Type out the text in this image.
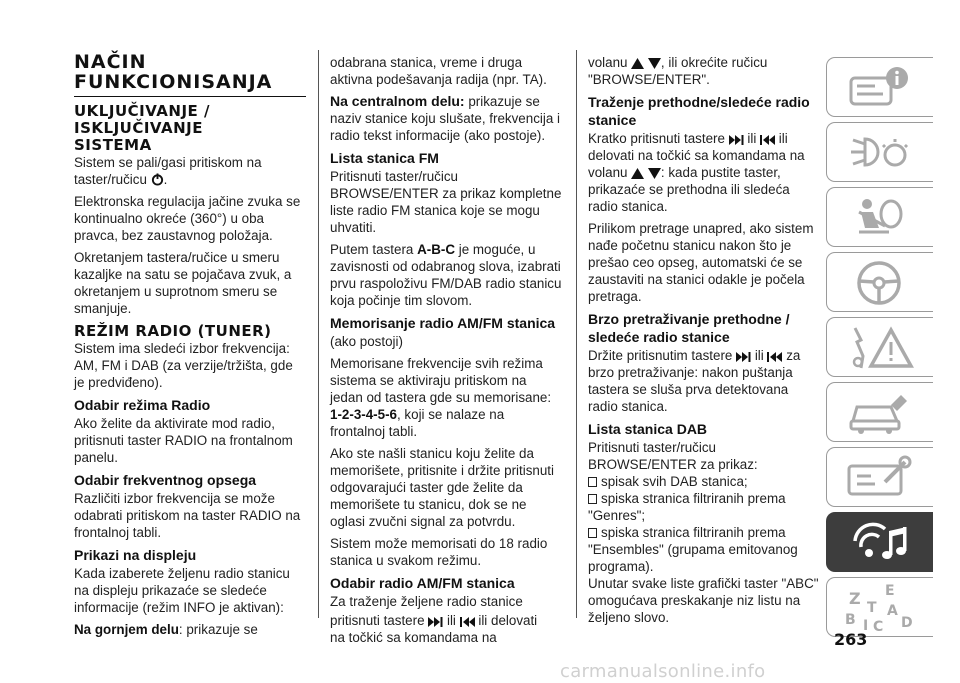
NAČIN
FUNKCIONISANJA
UKLJUČIVANJE /
ISKLJUČIVANJE
SISTEMA

Sistem se pali/gasi pritiskom na taster/ručicu .

Elektronska regulacija jačine zvuka se kontinualno okreće (360°) u oba pravca, bez zaustavnog položaja.

Okretanjem tastera/ručice u smeru kazaljke na satu se pojačava zvuk, a okretanjem u suprotnom smeru se smanjuje.

REŽIM RADIO (TUNER)

Sistem ima sledeći izbor frekvencija: AM, FM i DAB (za verzije/tržišta, gde je predviđeno).

Odabir režima Radio

Ako želite da aktivirate mod radio, pritisnuti taster RADIO na frontalnom panelu.

Odabir frekventnog opsega

Različiti izbor frekvencija se može odabrati pritiskom na taster RADIO na frontalnoj tabli.

Prikazi na displeju

Kada izaberete željenu radio stanicu na displeju prikazaće se sledeće informacije (režim INFO je aktivan):

Na gornjem delu: prikazuje se

odabrana stanica, vreme i druga aktivna podešavanja radija (npr. TA).

Na centralnom delu: prikazuje se naziv stanice koju slušate, frekvencija i radio tekst informacije (ako postoje).

Lista stanica FM

Pritisnuti taster/ručicu BROWSE/ENTER za prikaz kompletne liste radio FM stanica koje se mogu uhvatiti.

Putem tastera A-B-C je moguće, u zavisnosti od odabranog slova, izabrati prvu raspoloživu FM/DAB radio stanicu koja počinje tim slovom.

Memorisanje radio AM/FM stanica

(ako postoji)

Memorisane frekvencije svih režima sistema se aktiviraju pritiskom na jedan od tastera gde su memorisane: 1-2-3-4-5-6, koji se nalaze na frontalnoj tabli.

Ako ste našli stanicu koju želite da memorišete, pritisnite i držite pritisnuti odgovarajući taster gde želite da memorišete tu stanicu, dok se ne oglasi zvučni signal za potvrdu.

Sistem može memorisati do 18 radio stanica u svakom režimu.

Odabir radio AM/FM stanica

Za traženje željene radio stanice

pritisnuti tastere  ili  ili delovati

na točkić sa komandama na

volanu  , ili okrećite ručicu

"BROWSE/ENTER".

Traženje prethodne/sledeće radio
stanice

Kratko pritisnuti tastere  ili  ili

delovati na točkić sa komandama na

volanu  : kada pustite taster, prikazaće se prethodna ili sledeća radio stanica.

Prilikom pretrage unapred, ako sistem nađe početnu stanicu nakon što je prešao ceo opseg, automatski će se zaustaviti na stanici odakle je počela pretraga.

Brzo pretraživanje prethodne /
sledeće radio stanice

Držite pritisnutim tastere  ili  za

brzo pretraživanje: nakon puštanja tastera se sluša prva detektovana radio stanica.

Lista stanica DAB

Pritisnuti taster/ručicu BROWSE/ENTER za prikaz:

spisak svih DAB stanica;
spiska stranica filtriranih prema "Genres";
spiska stranica filtriranih prema "Ensembles" (grupama emitovanog programa).

Unutar svake liste grafički taster "ABC" omogućava preskakanje niz listu na željeno slovo.

Z E
A
B C D
I
T
263
carmanualsonline.info
